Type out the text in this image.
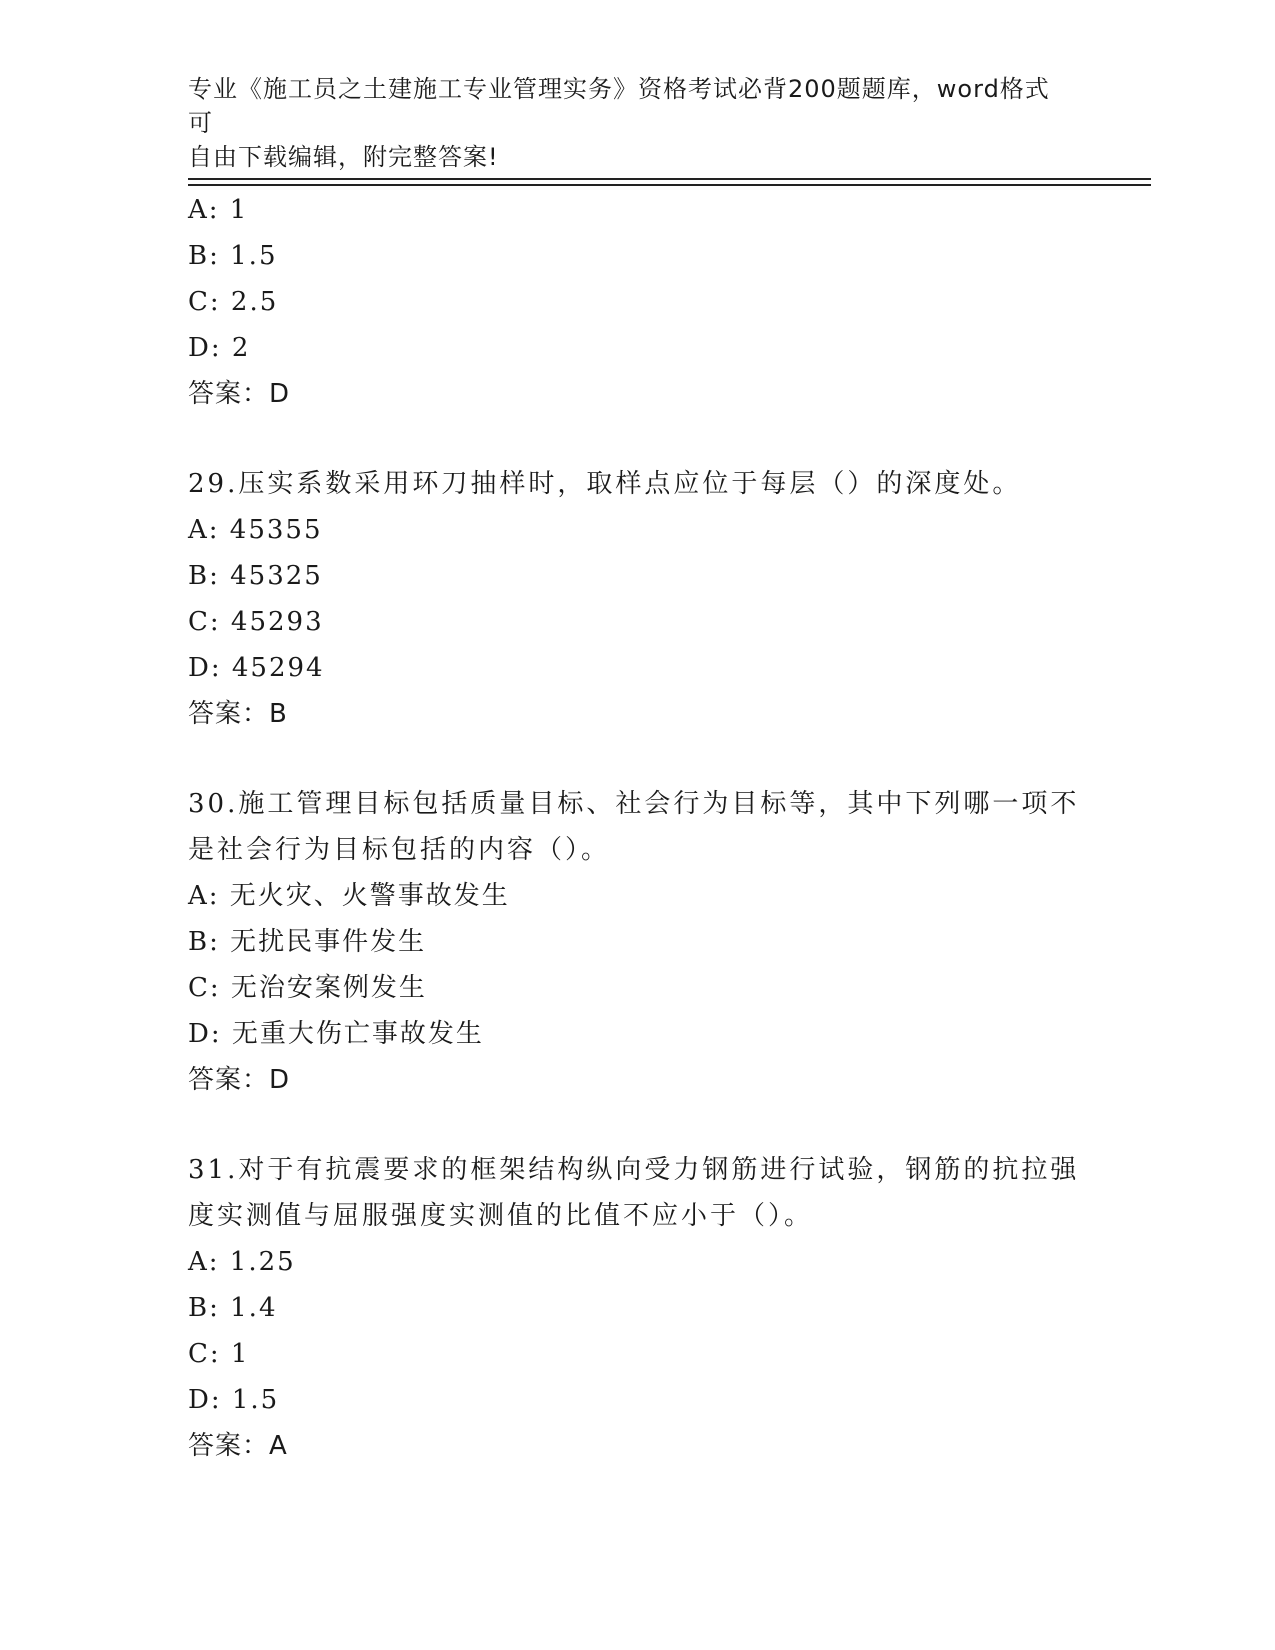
专业《施工员之土建施工专业管理实务》资格考试必背200题题库，word格式可
自由下载编辑，附完整答案!
A: 1
B: 1.5
C: 2.5
D: 2
答案：D
29.压实系数采用环刀抽样时，取样点应位于每层（）的深度处。
A: 45355
B: 45325
C: 45293
D: 45294
答案：B
30.施工管理目标包括质量目标、社会行为目标等，其中下列哪一项不
是社会行为目标包括的内容（）。
A: 无火灾、火警事故发生
B: 无扰民事件发生
C: 无治安案例发生
D: 无重大伤亡事故发生
答案：D
31.对于有抗震要求的框架结构纵向受力钢筋进行试验，钢筋的抗拉强
度实测值与屈服强度实测值的比值不应小于（）。
A: 1.25
B: 1.4
C: 1
D: 1.5
答案：A
